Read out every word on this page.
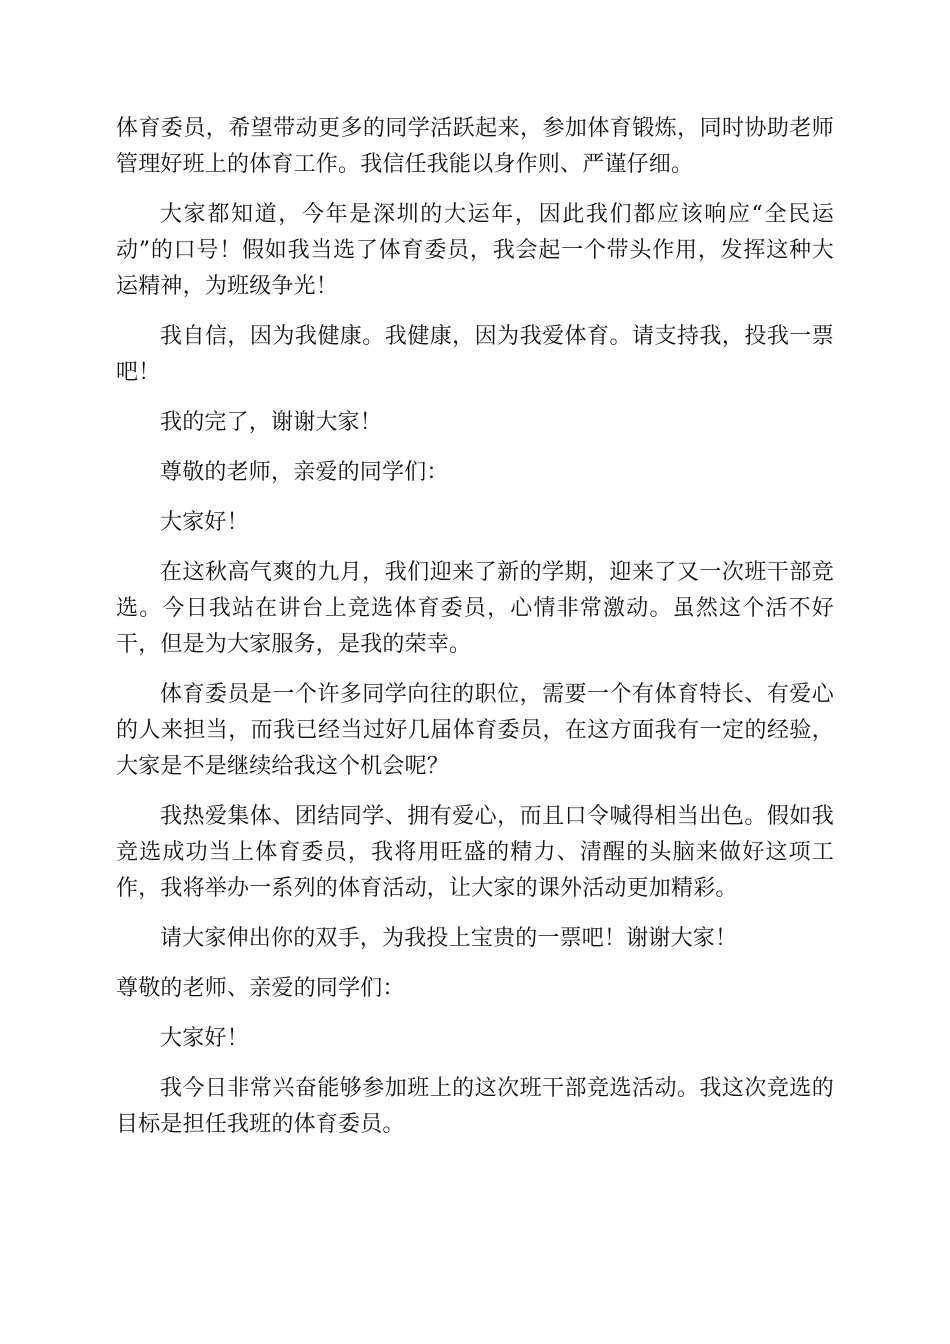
体育委员，希望带动更多的同学活跃起来，参加体育锻炼，同时协助老师管理好班上的体育工作。我信任我能以身作则、严谨仔细。

大家都知道，今年是深圳的大运年，因此我们都应该响应“全民运动”的口号！假如我当选了体育委员，我会起一个带头作用，发挥这种大运精神，为班级争光！

我自信，因为我健康。我健康，因为我爱体育。请支持我，投我一票吧！

我的完了，谢谢大家！

尊敬的老师，亲爱的同学们：

大家好！

在这秋高气爽的九月，我们迎来了新的学期，迎来了又一次班干部竞选。今日我站在讲台上竞选体育委员，心情非常激动。虽然这个活不好干，但是为大家服务，是我的荣幸。

体育委员是一个许多同学向往的职位，需要一个有体育特长、有爱心的人来担当，而我已经当过好几届体育委员，在这方面我有一定的经验，大家是不是继续给我这个机会呢？

我热爱集体、团结同学、拥有爱心，而且口令喊得相当出色。假如我竞选成功当上体育委员，我将用旺盛的精力、清醒的头脑来做好这项工作，我将举办一系列的体育活动，让大家的课外活动更加精彩。

请大家伸出你的双手，为我投上宝贵的一票吧！谢谢大家！

尊敬的老师、亲爱的同学们：

大家好！

我今日非常兴奋能够参加班上的这次班干部竞选活动。我这次竞选的目标是担任我班的体育委员。
